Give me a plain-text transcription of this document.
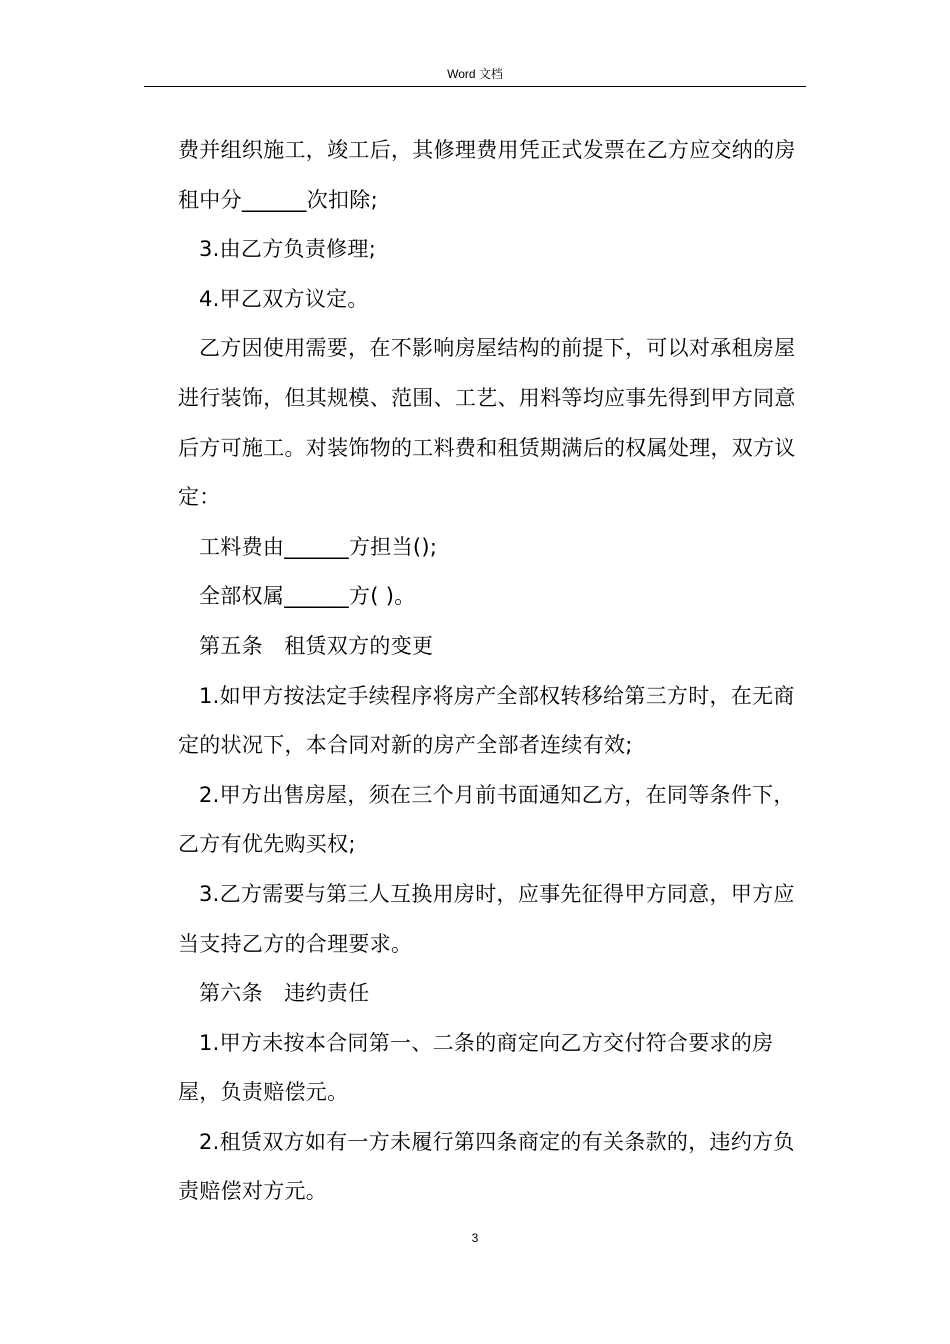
Word 文档

费并组织施工，竣工后，其修理费用凭正式发票在乙方应交纳的房租中分______次扣除;

3.由乙方负责修理;

4.甲乙双方议定。

乙方因使用需要，在不影响房屋结构的前提下，可以对承租房屋进行装饰，但其规模、范围、工艺、用料等均应事先得到甲方同意后方可施工。对装饰物的工料费和租赁期满后的权属处理，双方议定：

工料费由______方担当();

全部权属______方( )。

第五条　租赁双方的变更

1.如甲方按法定手续程序将房产全部权转移给第三方时，在无商定的状况下，本合同对新的房产全部者连续有效;

2.甲方出售房屋，须在三个月前书面通知乙方，在同等条件下，乙方有优先购买权;

3.乙方需要与第三人互换用房时，应事先征得甲方同意，甲方应当支持乙方的合理要求。

第六条　违约责任

1.甲方未按本合同第一、二条的商定向乙方交付符合要求的房屋，负责赔偿元。

2.租赁双方如有一方未履行第四条商定的有关条款的，违约方负责赔偿对方元。

3
